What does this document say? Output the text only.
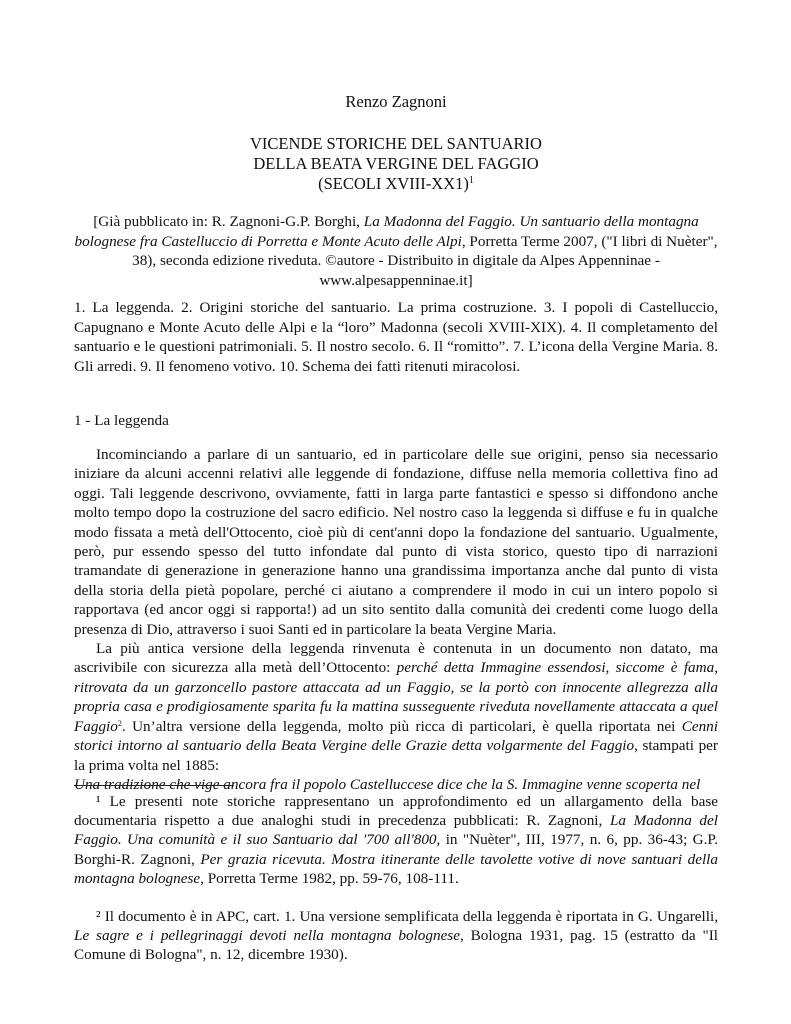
Renzo Zagnoni
VICENDE STORICHE DEL SANTUARIO
DELLA BEATA VERGINE DEL FAGGIO
(SECOLI XVIII-XX1)$^1$
[Già pubblicato in: R. Zagnoni-G.P. Borghi, La Madonna del Faggio. Un santuario della montagna bolognese fra Castelluccio di Porretta e Monte Acuto delle Alpi, Porretta Terme 2007, ("I libri di Nuèter", 38), seconda edizione riveduta. ©autore - Distribuito in digitale da Alpes Appenninae - www.alpesappenninae.it]
1. La leggenda. 2. Origini storiche del santuario. La prima costruzione. 3. I popoli di Castelluccio, Capugnano e Monte Acuto delle Alpi e la “loro” Madonna (secoli XVIII-XIX). 4. Il completamento del santuario e le questioni patrimoniali. 5. Il nostro secolo. 6. Il “romitto”. 7. L’icona della Vergine Maria. 8. Gli arredi. 9. Il fenomeno votivo. 10. Schema dei fatti ritenuti miracolosi.
1 - La leggenda

Incominciando a parlare di un santuario, ed in particolare delle sue origini, penso sia necessario iniziare da alcuni accenni relativi alle leggende di fondazione, diffuse nella memoria collettiva fino ad oggi. Tali leggende descrivono, ovviamente, fatti in larga parte fantastici e spesso si diffondono anche molto tempo dopo la costruzione del sacro edificio. Nel nostro caso la leggenda si diffuse e fu in qualche modo fissata a metà dell'Ottocento, cioè più di cent'anni dopo la fondazione del santuario. Ugualmente, però, pur essendo spesso del tutto infondate dal punto di vista storico, questo tipo di narrazioni tramandate di generazione in generazione hanno una grandissima importanza anche dal punto di vista della storia della pietà popolare, perché ci aiutano a comprendere il modo in cui un intero popolo si rapportava (ed ancor oggi si rapporta!) ad un sito sentito dalla comunità dei credenti come luogo della presenza di Dio, attraverso i suoi Santi ed in particolare la beata Vergine Maria.

La più antica versione della leggenda rinvenuta è contenuta in un documento non datato, ma ascrivibile con sicurezza alla metà dell’Ottocento: perché detta Immagine essendosi, siccome è fama, ritrovata da un garzoncello pastore attaccata ad un Faggio, se la portò con innocente allegrezza alla propria casa e prodigiosamente sparita fu la mattina susseguente riveduta novellamente attaccata a quel Faggio$^2$. Un’altra versione della leggenda, molto più ricca di particolari, è quella riportata nei Cenni storici intorno al santuario della Beata Vergine delle Grazie detta volgarmente del Faggio, stampati per la prima volta nel 1885:

Una tradizione che vige ancora fra il popolo Castelluccese dice che la S. Immagine venne scoperta nel

¹ Le presenti note storiche rappresentano un approfondimento ed un allargamento della base documentaria rispetto a due analoghi studi in precedenza pubblicati: R. Zagnoni, La Madonna del Faggio. Una comunità e il suo Santuario dal '700 all'800, in "Nuèter", III, 1977, n. 6, pp. 36-43; G.P. Borghi-R. Zagnoni, Per grazia ricevuta. Mostra itinerante delle tavolette votive di nove santuari della montagna bolognese, Porretta Terme 1982, pp. 59-76, 108-111.

² Il documento è in APC, cart. 1. Una versione semplificata della leggenda è riportata in G. Ungarelli, Le sagre e i pellegrinaggi devoti nella montagna bolognese, Bologna 1931, pag. 15 (estratto da "Il Comune di Bologna", n. 12, dicembre 1930).
